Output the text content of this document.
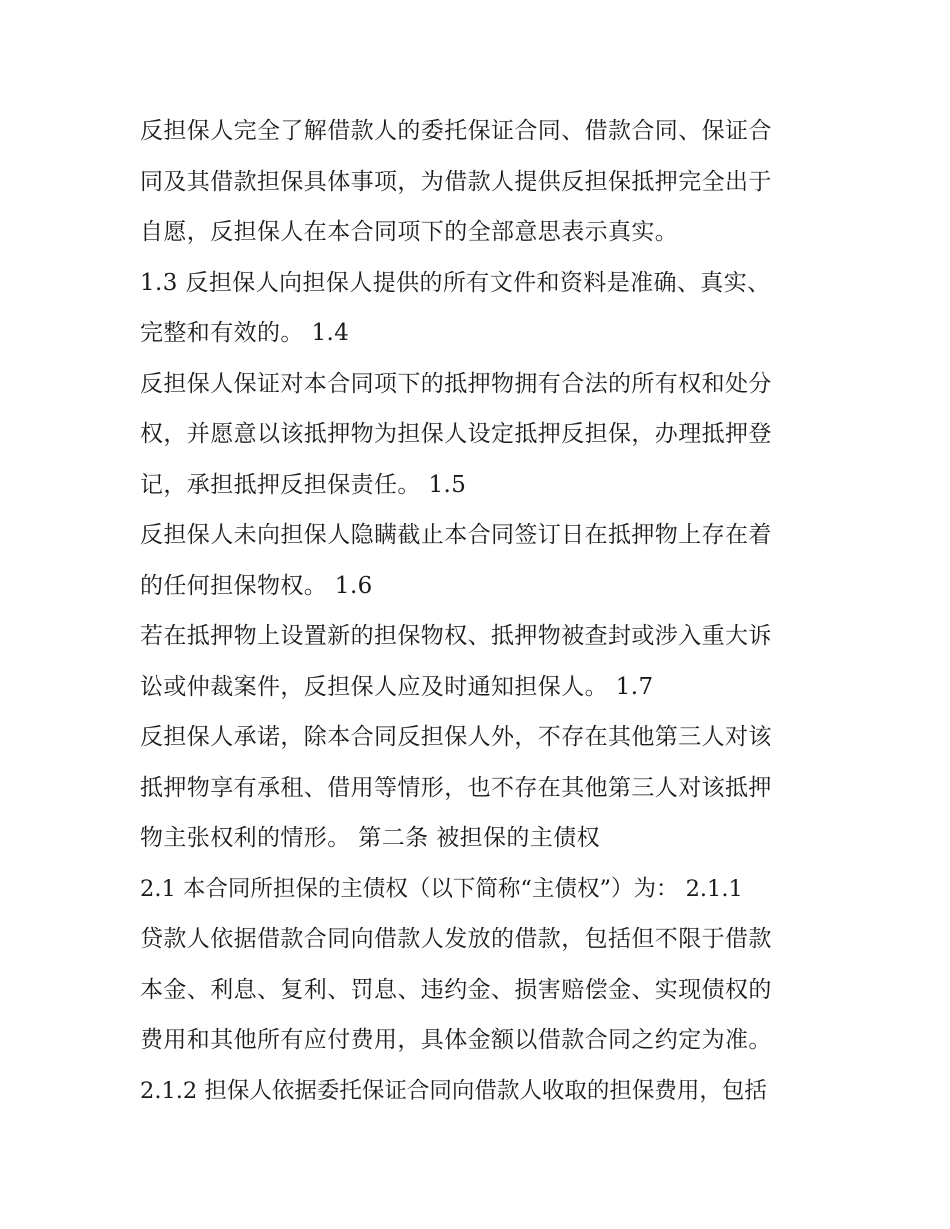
反担保人完全了解借款人的委托保证合同、借款合同、保证合
同及其借款担保具体事项，为借款人提供反担保抵押完全出于
自愿，反担保人在本合同项下的全部意思表示真实。
1.3 反担保人向担保人提供的所有文件和资料是准确、真实、
完整和有效的。 1.4
反担保人保证对本合同项下的抵押物拥有合法的所有权和处分
权，并愿意以该抵押物为担保人设定抵押反担保，办理抵押登
记，承担抵押反担保责任。 1.5
反担保人未向担保人隐瞒截止本合同签订日在抵押物上存在着
的任何担保物权。 1.6
若在抵押物上设置新的担保物权、抵押物被查封或涉入重大诉
讼或仲裁案件，反担保人应及时通知担保人。 1.7
反担保人承诺，除本合同反担保人外，不存在其他第三人对该
抵押物享有承租、借用等情形，也不存在其他第三人对该抵押
物主张权利的情形。 第二条 被担保的主债权
2.1 本合同所担保的主债权（以下简称“主债权”）为： 2.1.1
贷款人依据借款合同向借款人发放的借款，包括但不限于借款
本金、利息、复利、罚息、违约金、损害赔偿金、实现债权的
费用和其他所有应付费用，具体金额以借款合同之约定为准。
2.1.2 担保人依据委托保证合同向借款人收取的担保费用，包括
